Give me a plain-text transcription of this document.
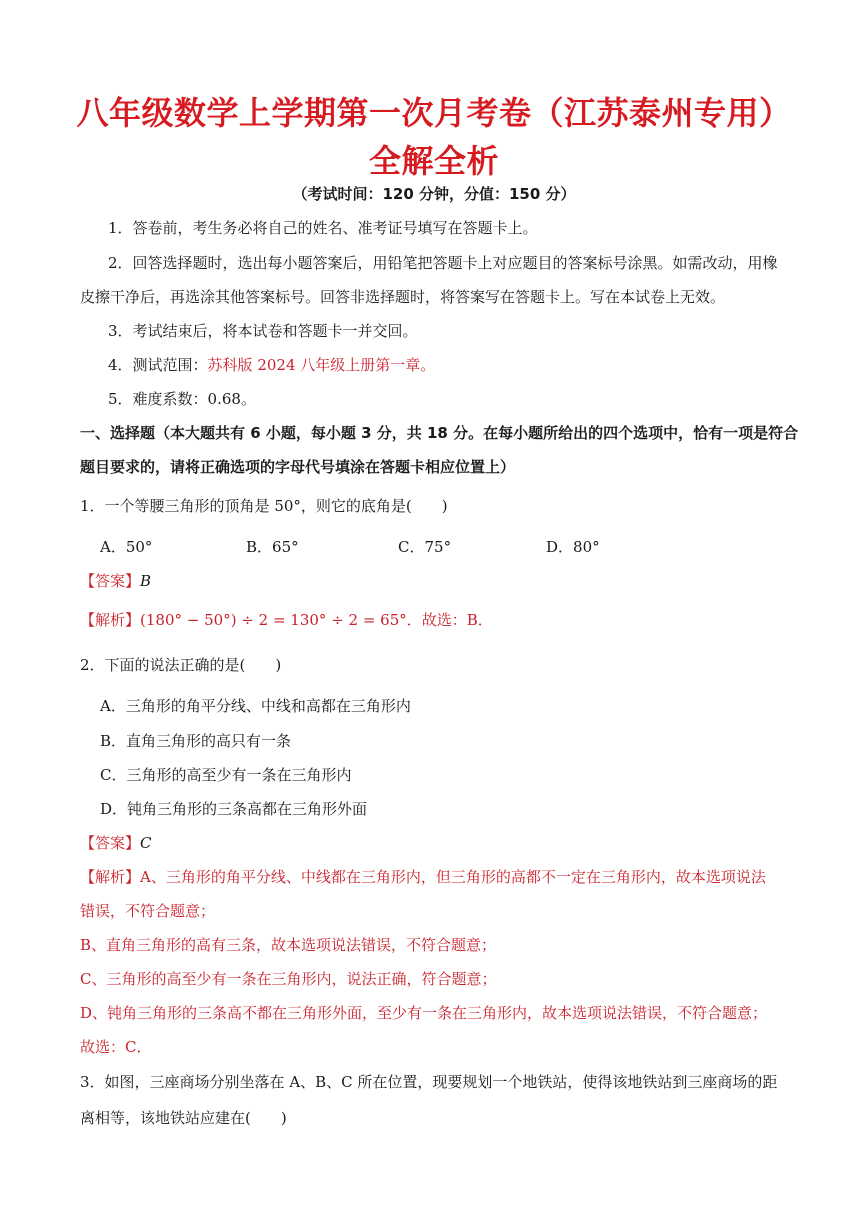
八年级数学上学期第一次月考卷（江苏泰州专用）
全解全析
（考试时间：120 分钟，分值：150 分）
1．答卷前，考生务必将自己的姓名、准考证号填写在答题卡上。
2．回答选择题时，选出每小题答案后，用铅笔把答题卡上对应题目的答案标号涂黑。如需改动，用橡
皮擦干净后，再选涂其他答案标号。回答非选择题时，将答案写在答题卡上。写在本试卷上无效。
3．考试结束后，将本试卷和答题卡一并交回。
4．测试范围：苏科版 2024 八年级上册第一章。
5．难度系数：0.68。
一、选择题（本大题共有 6 小题，每小题 3 分，共 18 分。在每小题所给出的四个选项中，恰有一项是符合
题目要求的，请将正确选项的字母代号填涂在答题卡相应位置上）
1．一个等腰三角形的顶角是 50°，则它的底角是(　　)
A．50°	B．65°	C．75°	D．80°
【答案】B
【解析】(180° − 50°) ÷ 2 = 130° ÷ 2 = 65°．故选：B．
2．下面的说法正确的是(　　)
A．三角形的角平分线、中线和高都在三角形内
B．直角三角形的高只有一条
C．三角形的高至少有一条在三角形内
D．钝角三角形的三条高都在三角形外面
【答案】C
【解析】A、三角形的角平分线、中线都在三角形内，但三角形的高都不一定在三角形内，故本选项说法
错误，不符合题意；
B、直角三角形的高有三条，故本选项说法错误，不符合题意；
C、三角形的高至少有一条在三角形内，说法正确，符合题意；
D、钝角三角形的三条高不都在三角形外面，至少有一条在三角形内，故本选项说法错误，不符合题意；
故选：C．
3．如图，三座商场分别坐落在 A、B、C 所在位置，现要规划一个地铁站，使得该地铁站到三座商场的距
离相等，该地铁站应建在(　　)
